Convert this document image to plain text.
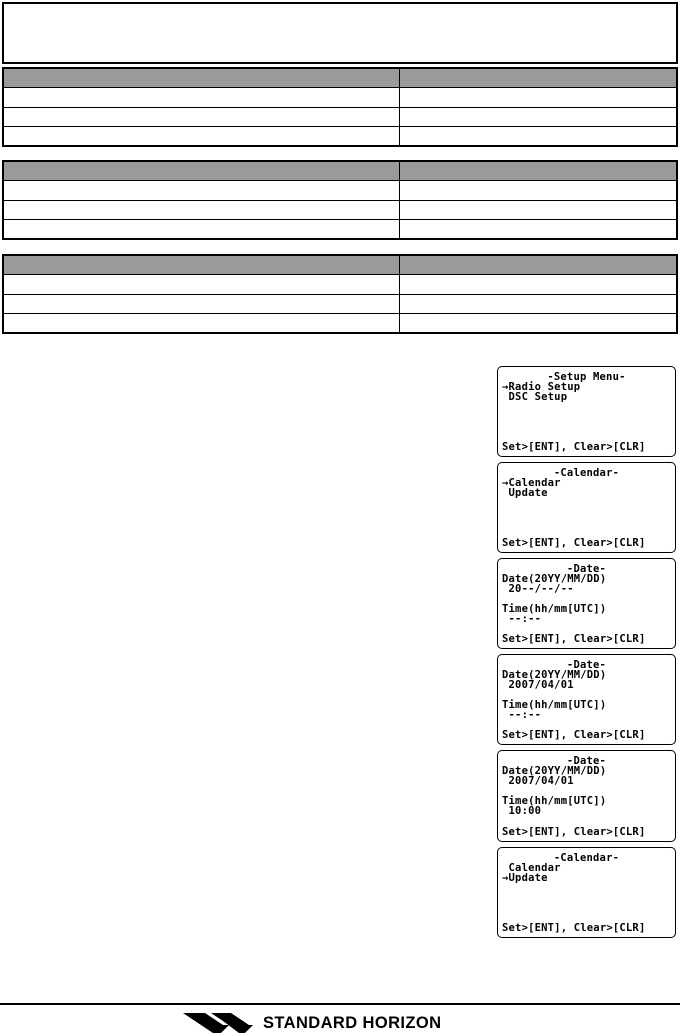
-Setup Menu-
→Radio Setup
DSC Setup
Set>[ENT], Clear>[CLR]
-Calendar-
→Calendar
Update
Set>[ENT], Clear>[CLR]
-Date-
Date(20YY/MM/DD)
20--/--/--
Time(hh/mm[UTC])
--:--
Set>[ENT], Clear>[CLR]
-Date-
Date(20YY/MM/DD)
2007/04/01
Time(hh/mm[UTC])
--:--
Set>[ENT], Clear>[CLR]
-Date-
Date(20YY/MM/DD)
2007/04/01
Time(hh/mm[UTC])
10:00
Set>[ENT], Clear>[CLR]
-Calendar-
Calendar
→Update
Set>[ENT], Clear>[CLR]
STANDARD HORIZON
